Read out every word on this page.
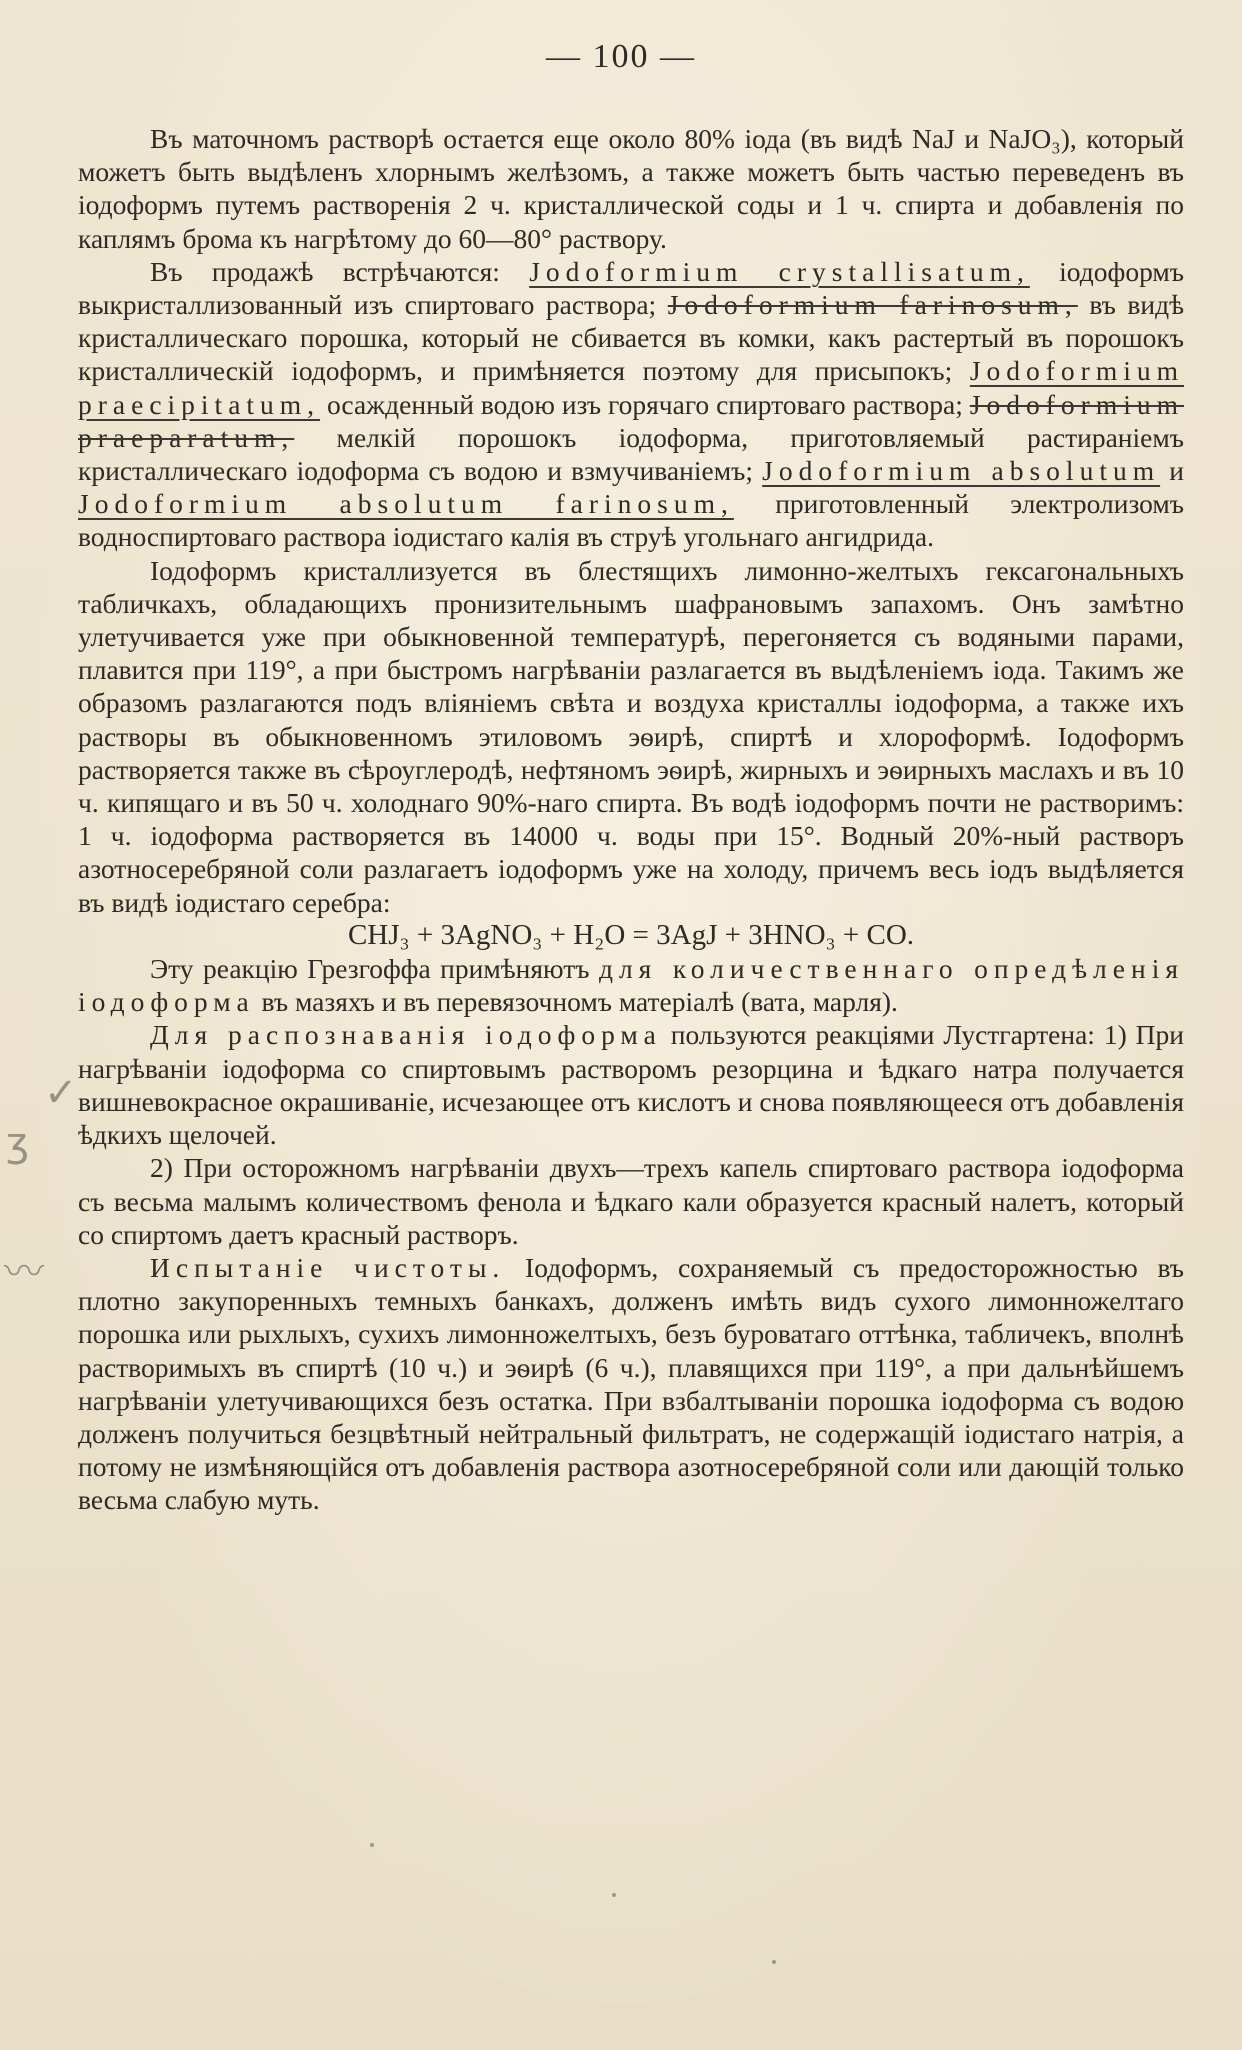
— 100 —

Въ маточномъ растворѣ остается еще около 80% іода (въ видѣ NaJ и NaJO₃), который можетъ быть выдѣленъ хлорнымъ желѣзомъ, а также можетъ быть частью переведенъ въ іодоформъ путемъ растворенія 2 ч. кристаллической соды и 1 ч. спирта и добавленія по каплямъ брома къ нагрѣтому до 60—80° раствору.

Въ продажѣ встрѣчаются: Jodoformium crystallisatum, іодоформъ выкристаллизованный изъ спиртоваго раствора; Jodoformium farinosum, въ видѣ кристаллическаго порошка, который не сбивается въ комки, какъ растертый въ порошокъ кристаллическій іодоформъ, и примѣняется поэтому для присыпокъ; Jodoformium praecipitatum, осажденный водою изъ горячаго спиртоваго раствора; Jodoformium praeparatum, мелкій порошокъ іодоформа, приготовляемый растираніемъ кристаллическаго іодоформа съ водою и взмучиваніемъ; Jodoformium absolutum и Jodoformium absolutum farinosum, приготовленный электролизомъ водноспиртоваго раствора іодистаго калія въ струѣ угольнаго ангидрида.

Іодоформъ кристаллизуется въ блестящихъ лимонно-желтыхъ гексагональныхъ табличкахъ, обладающихъ пронизительнымъ шафрановымъ запахомъ. Онъ замѣтно улетучивается уже при обыкновенной температурѣ, перегоняется съ водяными парами, плавится при 119°, а при быстромъ нагрѣваніи разлагается въ выдѣленіемъ іода. Такимъ же образомъ разлагаются подъ вліяніемъ свѣта и воздуха кристаллы іодоформа, а также ихъ растворы въ обыкновенномъ этиловомъ эѳирѣ, спиртѣ и хлороформѣ. Іодоформъ растворяется также въ сѣроуглеродѣ, нефтяномъ эѳирѣ, жирныхъ и эѳирныхъ маслахъ и въ 10 ч. кипящаго и въ 50 ч. холоднаго 90%-наго спирта. Въ водѣ іодоформъ почти не растворимъ: 1 ч. іодоформа растворяется въ 14000 ч. воды при 15°. Водный 20%-ный растворъ азотносеребряной соли разлагаетъ іодоформъ уже на холоду, причемъ весь іодъ выдѣляется въ видѣ іодистаго серебра:

CHJ₃ + 3AgNO₃ + H₂O = 3AgJ + 3HNO₃ + CO.

Эту реакцію Грезгоффа примѣняютъ для количественнаго опредѣленія іодоформа въ мазяхъ и въ перевязочномъ матеріалѣ (вата, марля).

Для распознаванія іодоформа пользуются реакціями Лустгартена: 1) При нагрѣваніи іодоформа со спиртовымъ растворомъ резорцина и ѣдкаго натра получается вишневокрасное окрашиваніе, исчезающее отъ кислотъ и снова появляющееся отъ добавленія ѣдкихъ щелочей.

2) При осторожномъ нагрѣваніи двухъ—трехъ капель спиртоваго раствора іодоформа съ весьма малымъ количествомъ фенола и ѣдкаго кали образуется красный налетъ, который со спиртомъ даетъ красный растворъ.

Испытаніе чистоты. Іодоформъ, сохраняемый съ предосторожностью въ плотно закупоренныхъ темныхъ банкахъ, долженъ имѣть видъ сухого лимонножелтаго порошка или рыхлыхъ, сухихъ лимонножелтыхъ, безъ буроватаго оттѣнка, табличекъ, вполнѣ растворимыхъ въ спиртѣ (10 ч.) и эѳирѣ (6 ч.), плавящихся при 119°, а при дальнѣйшемъ нагрѣваніи улетучивающихся безъ остатка. При взбалтываніи порошка іодоформа съ водою долженъ получиться безцвѣтный нейтральный фильтратъ, не содержащій іодистаго натрія, а потому не измѣняющійся отъ добавленія раствора азотносеребряной соли или дающій только весьма слабую муть.

✓
ʒ
〰
